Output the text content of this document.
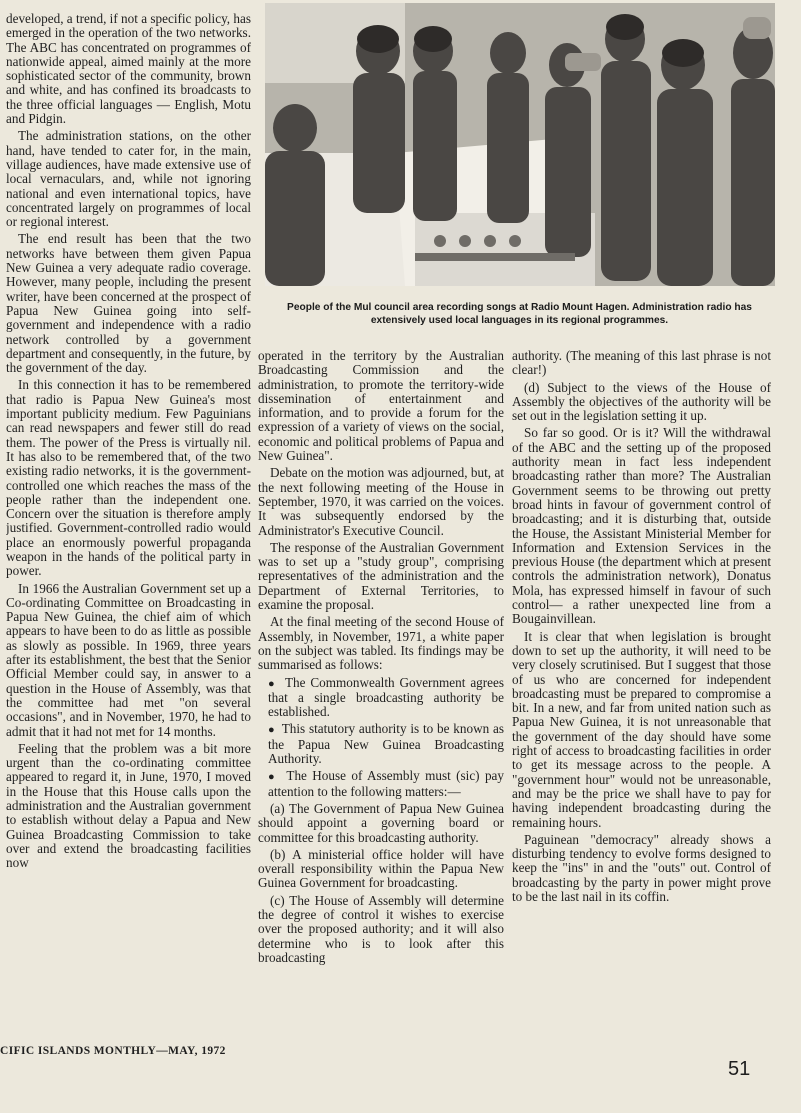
developed, a trend, if not a specific policy, has emerged in the operation of the two networks. The ABC has concentrated on programmes of nationwide appeal, aimed mainly at the more sophisticated sector of the community, brown and white, and has confined its broadcasts to the three official languages — English, Motu and Pidgin.

The administration stations, on the other hand, have tended to cater for, in the main, village audiences, have made extensive use of local vernaculars, and, while not ignoring national and even international topics, have concentrated largely on programmes of local or regional interest.

The end result has been that the two networks have between them given Papua New Guinea a very adequate radio coverage. However, many people, including the present writer, have been concerned at the prospect of Papua New Guinea going into self-government and independence with a radio network controlled by a government department and consequently, in the future, by the government of the day.

In this connection it has to be remembered that radio is Papua New Guinea's most important publicity medium. Few Paguinians can read newspapers and fewer still do read them. The power of the Press is virtually nil. It has also to be remembered that, of the two existing radio networks, it is the government-controlled one which reaches the mass of the people rather than the independent one. Concern over the situation is therefore amply justified. Government-controlled radio would place an enormously powerful propaganda weapon in the hands of the political party in power.

In 1966 the Australian Government set up a Co-ordinating Committee on Broadcasting in Papua New Guinea, the chief aim of which appears to have been to do as little as possible as slowly as possible. In 1969, three years after its establishment, the best that the Senior Official Member could say, in answer to a question in the House of Assembly, was that the committee had met "on several occasions", and in November, 1970, he had to admit that it had not met for 14 months.

Feeling that the problem was a bit more urgent than the co-ordinating committee appeared to regard it, in June, 1970, I moved in the House that this House calls upon the administration and the Australian government to establish without delay a Papua and New Guinea Broadcasting Commission to take over and extend the broadcasting facilities now

People of the Mul council area recording songs at Radio Mount Hagen. Administration radio has extensively used local languages in its regional programmes.

operated in the territory by the Australian Broadcasting Commission and the administration, to promote the territory-wide dissemination of entertainment and information, and to provide a forum for the expression of a variety of views on the social, economic and political problems of Papua and New Guinea".

Debate on the motion was adjourned, but, at the next following meeting of the House in September, 1970, it was carried on the voices. It was subsequently endorsed by the Administrator's Executive Council.

The response of the Australian Government was to set up a "study group", comprising representatives of the administration and the Department of External Territories, to examine the proposal.

At the final meeting of the second House of Assembly, in November, 1971, a white paper on the subject was tabled. Its findings may be summarised as follows:

●  The Commonwealth Government agrees that a single broadcasting authority be established.

●  This statutory authority is to be known as the Papua New Guinea Broadcasting Authority.

●  The House of Assembly must (sic) pay attention to the following matters:—

(a) The Government of Papua New Guinea should appoint a governing board or committee for this broadcasting authority.

(b) A ministerial office holder will have overall responsibility within the Papua New Guinea Government for broadcasting.

(c) The House of Assembly will determine the degree of control it wishes to exercise over the proposed authority; and it will also determine who is to look after this broadcasting

authority. (The meaning of this last phrase is not clear!)

(d) Subject to the views of the House of Assembly the objectives of the authority will be set out in the legislation setting it up.

So far so good. Or is it? Will the withdrawal of the ABC and the setting up of the proposed authority mean in fact less independent broadcasting rather than more? The Australian Government seems to be throwing out pretty broad hints in favour of government control of broadcasting; and it is disturbing that, outside the House, the Assistant Ministerial Member for Information and Extension Services in the previous House (the department which at present controls the administration network), Donatus Mola, has expressed himself in favour of such control— a rather unexpected line from a Bougainvillean.

It is clear that when legislation is brought down to set up the authority, it will need to be very closely scrutinised. But I suggest that those of us who are concerned for independent broadcasting must be prepared to compromise a bit. In a new, and far from united nation such as Papua New Guinea, it is not unreasonable that the government of the day should have some right of access to broadcasting facilities in order to get its message across to the people. A "government hour" would not be unreasonable, and may be the price we shall have to pay for having independent broadcasting during the remaining hours.

Paguinean "democracy" already shows a disturbing tendency to evolve forms designed to keep the "ins" in and the "outs" out. Control of broadcasting by the party in power might prove to be the last nail in its coffin.

CIFIC ISLANDS MONTHLY—MAY, 1972
51
